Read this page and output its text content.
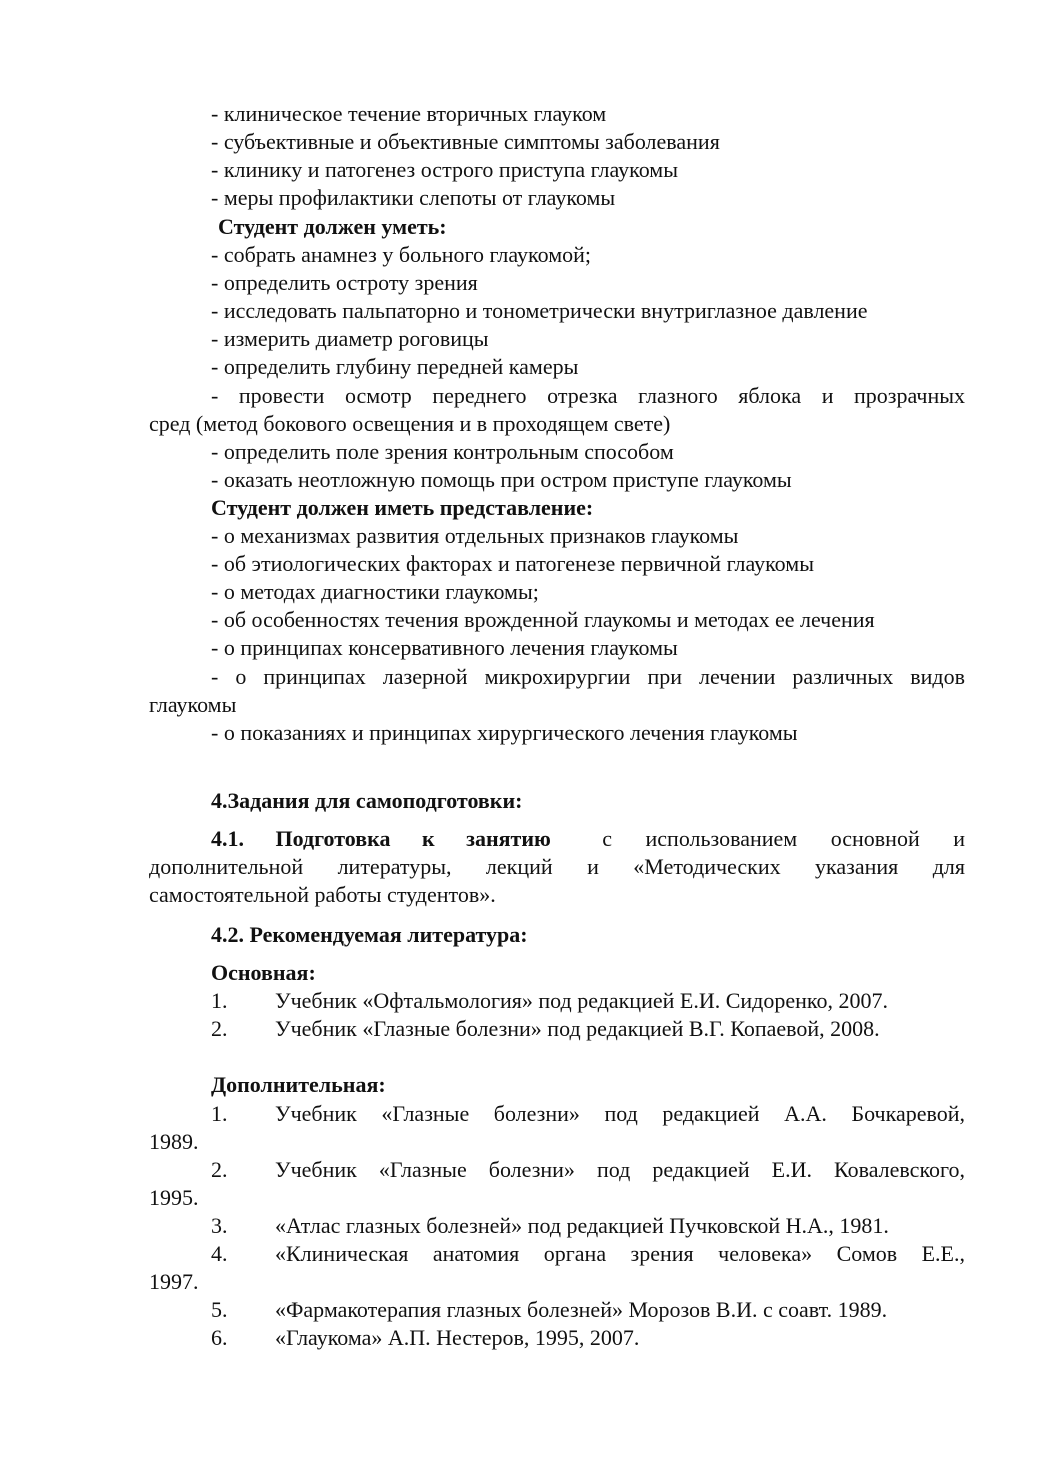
- клиническое течение вторичных глауком
- субъективные и объективные симптомы заболевания
- клинику и патогенез острого приступа глаукомы
- меры профилактики слепоты от глаукомы
Студент должен уметь:
- собрать анамнез у больного глаукомой;
- определить остроту зрения
- исследовать пальпаторно и тонометрически внутриглазное давление
- измерить диаметр роговицы
- определить глубину передней камеры
- провести осмотр переднего отрезка глазного яблока и прозрачных
сред (метод бокового освещения и в проходящем свете)
- определить поле зрения контрольным способом
- оказать неотложную помощь при остром приступе глаукомы
Студент должен иметь представление:
- о механизмах развития отдельных признаков глаукомы
- об этиологических факторах и патогенезе первичной глаукомы
- о методах диагностики глаукомы;
- об особенностях течения врожденной глаукомы и методах ее лечения
- о принципах консервативного лечения глаукомы
- о принципах лазерной микрохирургии при лечении различных видов
глаукомы
- о показаниях и принципах хирургического лечения глаукомы
4.Задания для самоподготовки:
4.1. Подготовка к занятию с использованием основной и
дополнительной литературы, лекций и «Методических указания для
самостоятельной работы студентов».
4.2. Рекомендуемая литература:
Основная:
1. Учебник «Офтальмология» под редакцией Е.И. Сидоренко, 2007.
2. Учебник «Глазные болезни» под редакцией В.Г. Копаевой, 2008.
Дополнительная:
1. Учебник «Глазные болезни» под редакцией А.А. Бочкаревой,
1989.
2. Учебник «Глазные болезни» под редакцией Е.И. Ковалевского,
1995.
3. «Атлас глазных болезней» под редакцией Пучковской Н.А., 1981.
4. «Клиническая анатомия органа зрения человека» Сомов Е.Е.,
1997.
5. «Фармакотерапия глазных болезней» Морозов В.И. с соавт. 1989.
6. «Глаукома» А.П. Нестеров, 1995, 2007.
